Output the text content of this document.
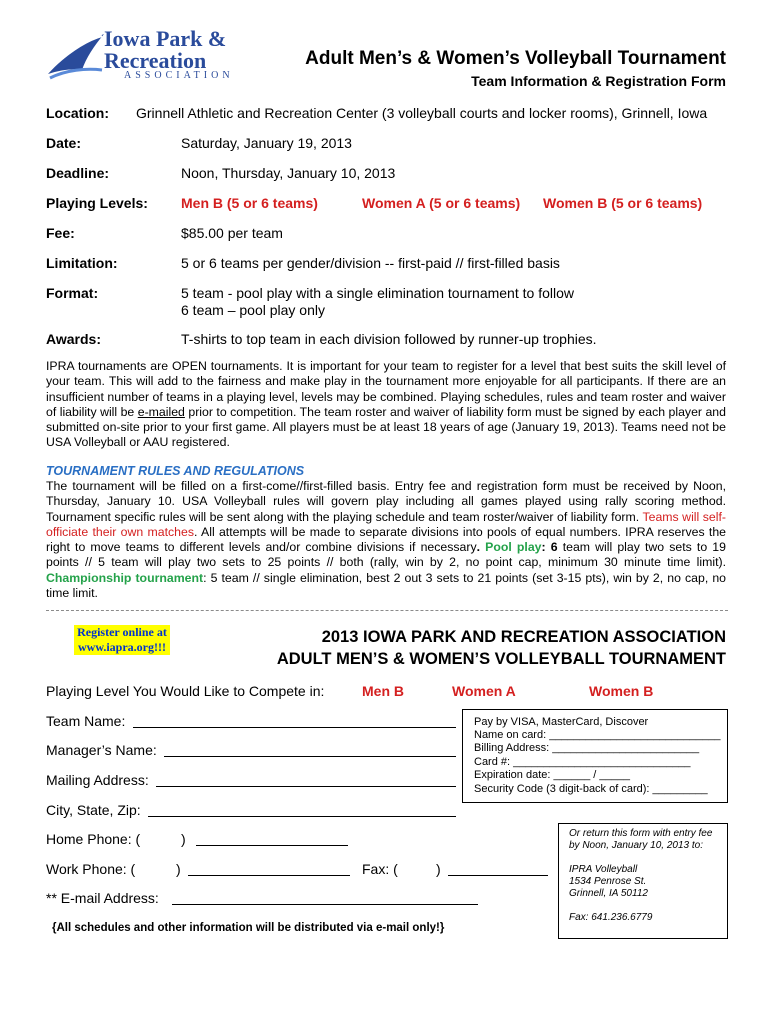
Iowa Park &
Recreation
ASSOCIATION
Adult Men’s & Women’s Volleyball Tournament
Team Information & Registration Form
Location: Grinnell Athletic and Recreation Center (3 volleyball courts and locker rooms), Grinnell, Iowa
Date:	Saturday, January 19, 2013
Deadline:	Noon, Thursday, January 10, 2013
Playing Levels: Men B (5 or 6 teams)	Women A (5 or 6 teams) Women B (5 or 6 teams)
Fee:	$85.00 per team
Limitation:	5 or 6 teams per gender/division -- first-paid // first-filled basis
Format:	5 team - pool play with a single elimination tournament to follow
6 team – pool play only
Awards:	T-shirts to top team in each division followed by runner-up trophies.
IPRA tournaments are OPEN tournaments. It is important for your team to register for a level that best suits the skill level of your team. This will add to the fairness and make play in the tournament more enjoyable for all participants. If there are an insufficient number of teams in a playing level, levels may be combined. Playing schedules, rules and team roster and waiver of liability will be e-mailed prior to competition. The team roster and waiver of liability form must be signed by each player and submitted on-site prior to your first game. All players must be at least 18 years of age (January 19, 2013). Teams need not be USA Volleyball or AAU registered.
TOURNAMENT RULES AND REGULATIONS
The tournament will be filled on a first-come//first-filled basis. Entry fee and registration form must be received by Noon, Thursday, January 10. USA Volleyball rules will govern play including all games played using rally scoring method. Tournament specific rules will be sent along with the playing schedule and team roster/waiver of liability form. Teams will self-officiate their own matches. All attempts will be made to separate divisions into pools of equal numbers. IPRA reserves the right to move teams to different levels and/or combine divisions if necessary. Pool play: 6 team will play two sets to 19 points // 5 team will play two sets to 25 points // both (rally, win by 2, no point cap, minimum 30 minute time limit). Championship tournament: 5 team // single elimination, best 2 out 3 sets to 21 points (set 3-15 pts), win by 2, no cap, no time limit.
Register online at
www.iapra.org!!!
2013 IOWA PARK AND RECREATION ASSOCIATION
ADULT MEN’S & WOMEN’S VOLLEYBALL TOURNAMENT
Playing Level You Would Like to Compete in:	Men B	Women A	Women B
Team Name:
Manager’s Name:
Mailing Address:
City, State, Zip:
Home Phone: (	)
Work Phone: (	)	Fax: (	)
** E-mail Address:
{All schedules and other information will be distributed via e-mail only!}
Pay by VISA, MasterCard, Discover
Name on card: ____________________________
Billing Address: ________________________
Card #: _____________________________
Expiration date: ______ / _____
Security Code (3 digit-back of card): _________
Or return this form with entry fee
by Noon, January 10, 2013 to:
IPRA Volleyball
1534 Penrose St.
Grinnell, IA 50112
Fax: 641.236.6779
